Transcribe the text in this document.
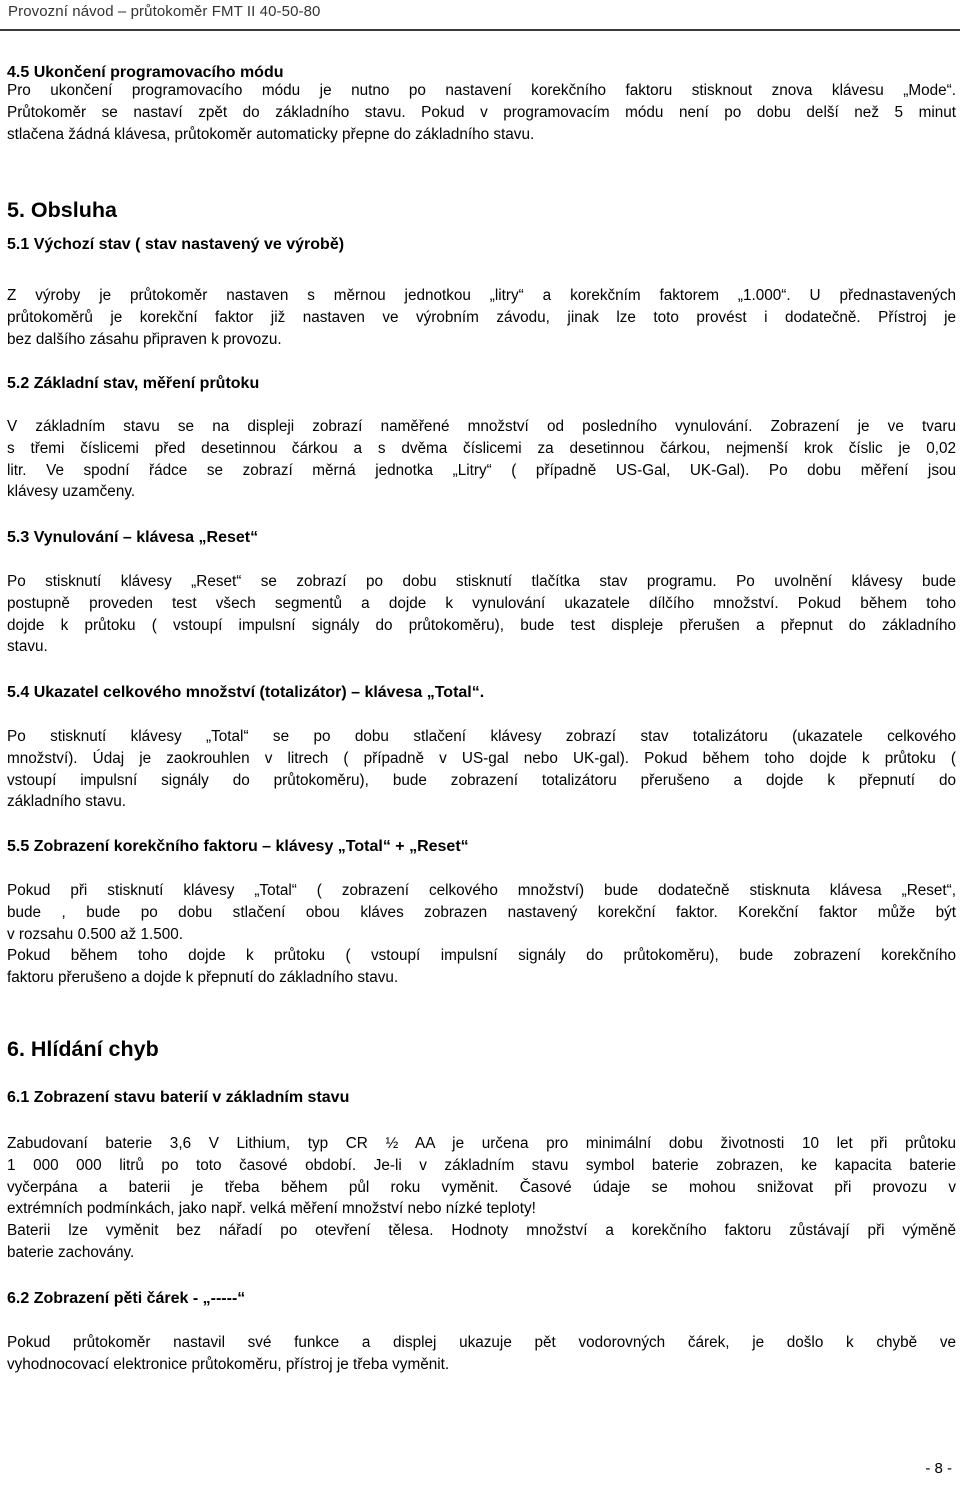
Provozní návod – průtokoměr FMT II 40-50-80
4.5 Ukončení programovacího módu
Pro ukončení programovacího módu je nutno po nastavení korekčního faktoru stisknout znova klávesu „Mode“.
Průtokoměr se nastaví zpět do základního stavu. Pokud v programovacím módu není po dobu delší než 5 minut
stlačena žádná klávesa, průtokoměr automaticky přepne do základního stavu.
5. Obsluha
5.1 Výchozí stav ( stav nastavený ve výrobě)
Z výroby je průtokoměr nastaven s měrnou jednotkou „litry“ a korekčním faktorem „1.000“. U přednastavených
průtokoměrů je korekční faktor již nastaven ve výrobním závodu, jinak lze toto provést i dodatečně. Přístroj je
bez dalšího zásahu připraven k provozu.
5.2 Základní stav, měření průtoku
V základním stavu se na displeji zobrazí naměřené množství od posledního vynulování. Zobrazení je ve tvaru
s třemi číslicemi před desetinnou čárkou a s dvěma číslicemi za desetinnou čárkou, nejmenší krok číslic je 0,02
litr. Ve spodní řádce se zobrazí měrná jednotka „Litry“ ( případně US-Gal, UK-Gal). Po dobu měření jsou
klávesy uzamčeny.
5.3 Vynulování – klávesa „Reset“
Po stisknutí klávesy „Reset“ se zobrazí po dobu stisknutí tlačítka stav programu. Po uvolnění klávesy bude
postupně proveden test všech segmentů a dojde k vynulování ukazatele dílčího množství. Pokud během toho
dojde k průtoku ( vstoupí impulsní signály do průtokoměru), bude test displeje přerušen a přepnut do základního
stavu.
5.4 Ukazatel celkového množství (totalizátor) – klávesa „Total“.
Po stisknutí klávesy „Total“ se po dobu stlačení klávesy zobrazí stav totalizátoru (ukazatele celkového
množství). Údaj je zaokrouhlen v litrech ( případně v US-gal nebo UK-gal). Pokud během toho dojde k průtoku (
vstoupí impulsní signály do průtokoměru), bude zobrazení totalizátoru přerušeno a dojde k přepnutí do
základního stavu.
5.5 Zobrazení korekčního faktoru – klávesy „Total“ + „Reset“
Pokud při stisknutí klávesy „Total“ ( zobrazení celkového množství) bude dodatečně stisknuta klávesa „Reset“,
bude , bude po dobu stlačení obou kláves zobrazen nastavený korekční faktor. Korekční faktor může být
v rozsahu 0.500 až 1.500.
Pokud během toho dojde k průtoku ( vstoupí impulsní signály do průtokoměru), bude zobrazení korekčního
faktoru přerušeno a dojde k přepnutí do základního stavu.
6. Hlídání chyb
6.1 Zobrazení stavu baterií v základním stavu
Zabudovaní baterie 3,6 V Lithium, typ CR ½ AA je určena pro minimální dobu životnosti 10 let při průtoku
1 000 000 litrů po toto časové období. Je-li v základním stavu symbol baterie zobrazen, ke kapacita baterie
vyčerpána a baterii je třeba během půl roku vyměnit. Časové údaje se mohou snižovat při provozu v
extrémních podmínkách, jako např. velká měření množství nebo nízké teploty!
Baterii lze vyměnit bez nářadí po otevření tělesa. Hodnoty množství a korekčního faktoru zůstávají při výměně
baterie zachovány.
6.2 Zobrazení pěti čárek - „-----“
Pokud průtokoměr nastavil své funkce a displej ukazuje pět vodorovných čárek, je došlo k chybě ve
vyhodnocovací elektronice průtokoměru, přístroj je třeba vyměnit.
- 8 -
